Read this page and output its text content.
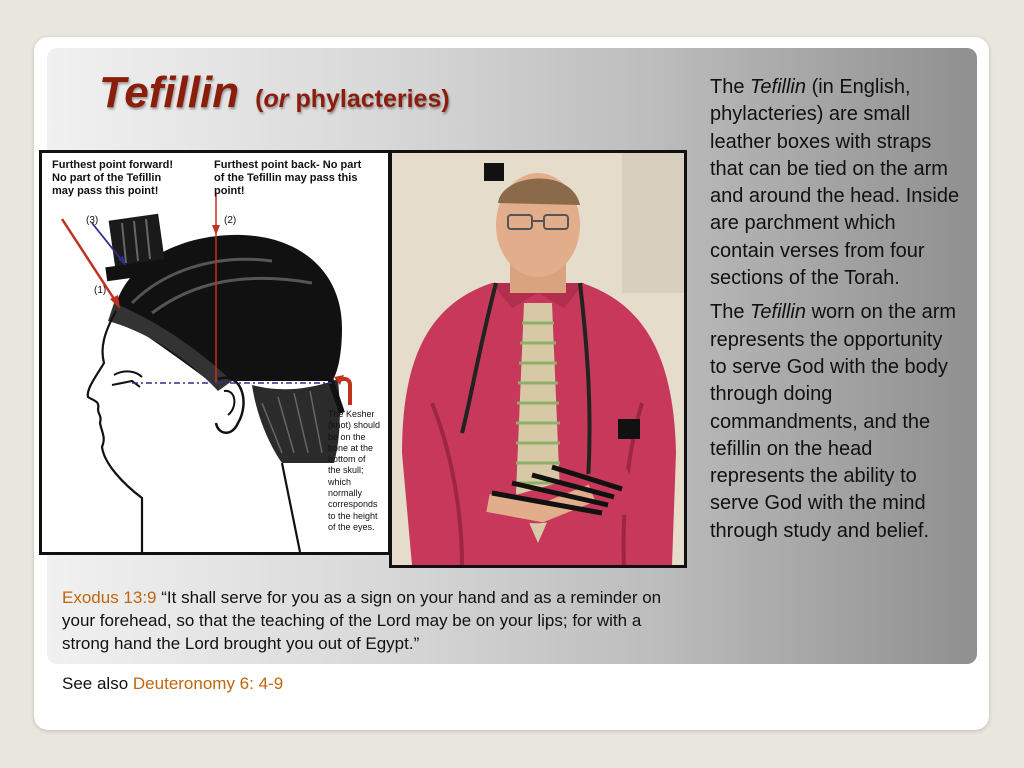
Tefillin (or phylacteries)
Furthest point forward!
No part of the Tefillin
may pass this point!
Furthest point back- No part
of the Tefillin may pass this
point!
(3)	(2)
(1)
The Kesher
(knot) should
be on the
bone at the
bottom of
the skull;
which
normally
corresponds
to the height
of the eyes.

The Tefillin (in English, phylacteries) are small leather boxes with straps that can be tied on the arm and around the head. Inside are parchment which contain verses from four sections of the Torah.

The Tefillin worn on the arm represents the opportunity to serve God with the body through doing commandments, and the tefillin on the head represents the ability to serve God with the mind through study and belief.

Exodus 13:9 “It shall serve for you as a sign on your hand and as a reminder on your forehead, so that the teaching of the Lord may be on your lips; for with a strong hand the Lord brought you out of Egypt.”
See also Deuteronomy 6: 4-9
